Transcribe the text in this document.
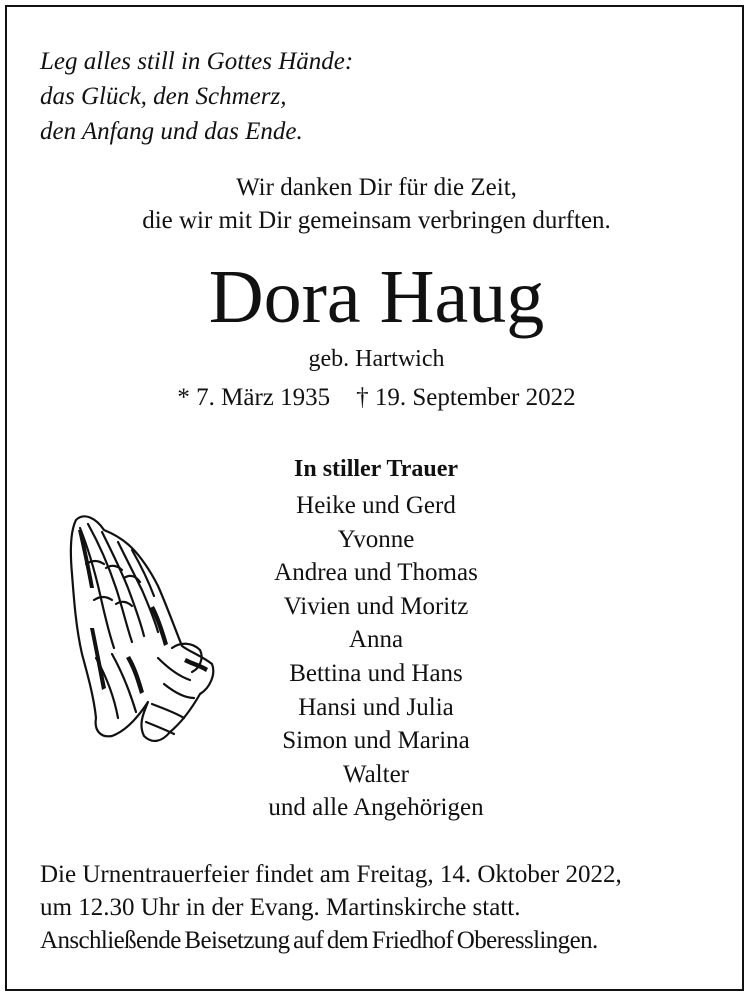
Leg alles still in Gottes Hände:
das Glück, den Schmerz,
den Anfang und das Ende.
Wir danken Dir für die Zeit,
die wir mit Dir gemeinsam verbringen durften.
Dora Haug
geb. Hartwich
* 7. März 1935 † 19. September 2022
In stiller Trauer
Heike und Gerd
Yvonne
Andrea und Thomas
Vivien und Moritz
Anna
Bettina und Hans
Hansi und Julia
Simon und Marina
Walter
und alle Angehörigen
Die Urnentrauerfeier findet am Freitag, 14. Oktober 2022,
um 12.30 Uhr in der Evang. Martinskirche statt.
Anschließende Beisetzung auf dem Friedhof Oberesslingen.
